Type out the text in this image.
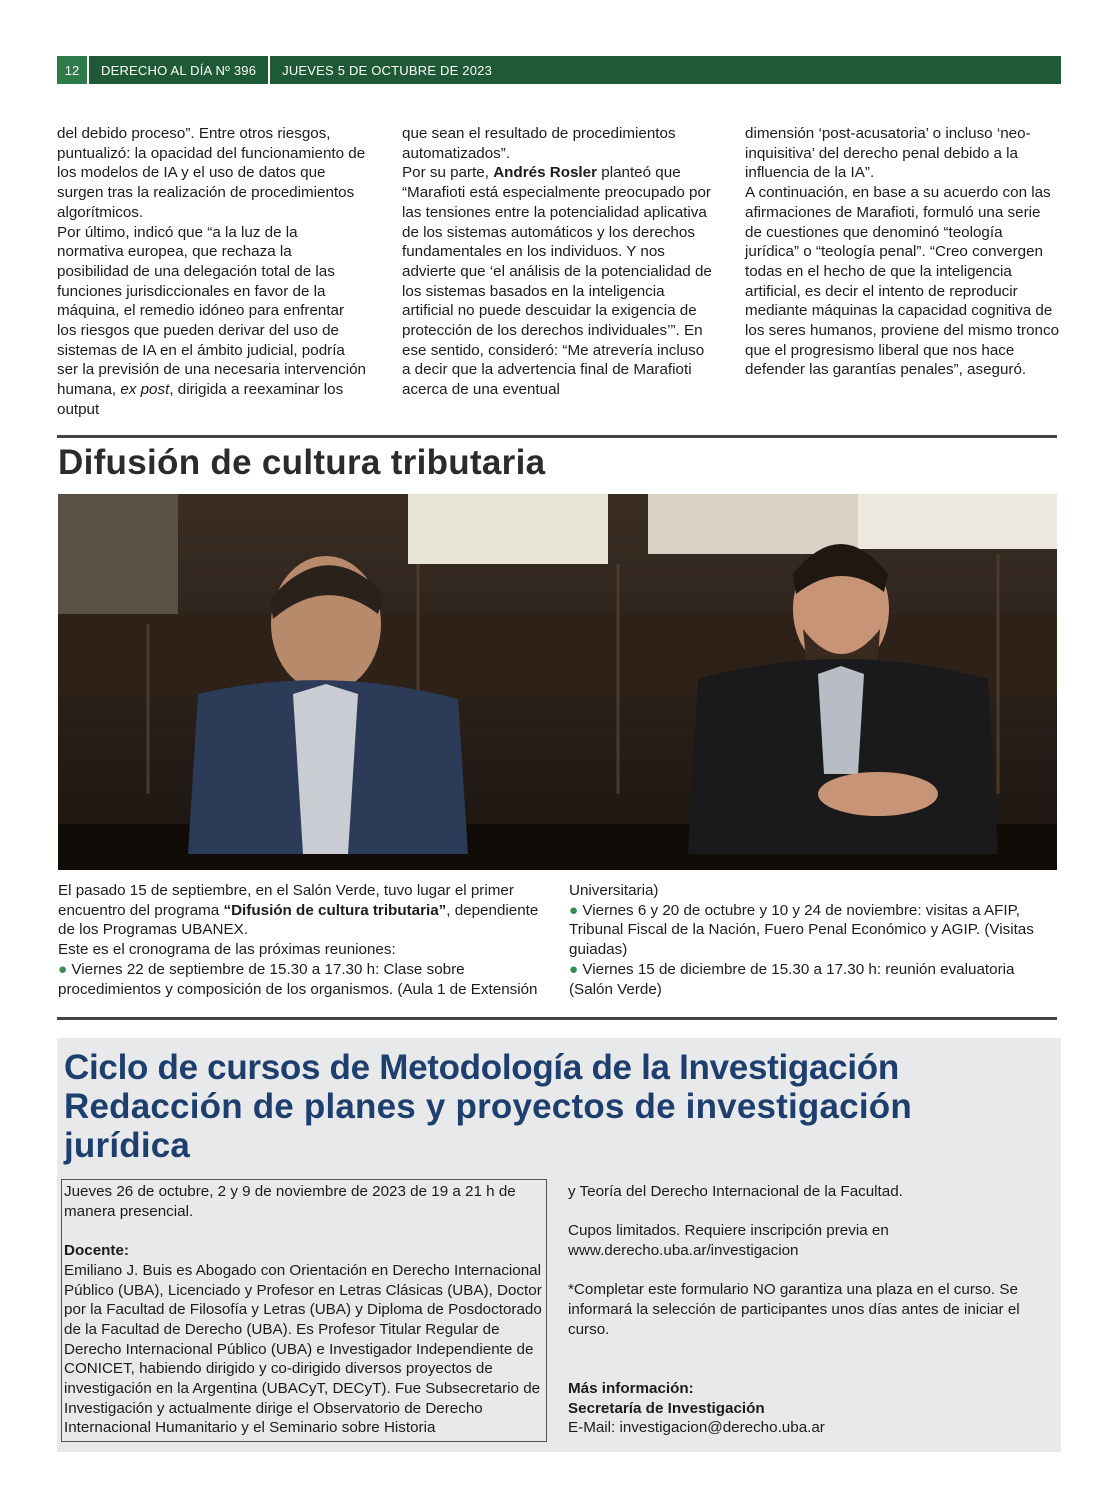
12	DERECHO AL DÍA Nº 396	JUEVES 5 DE OCTUBRE DE 2023

del debido proceso”. Entre otros riesgos, puntualizó: la opacidad del funcionamiento de los modelos de IA y el uso de datos que surgen tras la realización de procedimientos algorítmicos.

Por último, indicó que “a la luz de la normativa europea, que rechaza la posibilidad de una delegación total de las funciones jurisdiccionales en favor de la máquina, el remedio idóneo para enfrentar los riesgos que pueden derivar del uso de sistemas de IA en el ámbito judicial, podría ser la previsión de una necesaria intervención humana, ex post, dirigida a reexaminar los output

que sean el resultado de procedimientos automatizados”.

Por su parte, Andrés Rosler planteó que “Marafioti está especialmente preocupado por las tensiones entre la potencialidad aplicativa de los sistemas automáticos y los derechos fundamentales en los individuos. Y nos advierte que ‘el análisis de la potencialidad de los sistemas basados en la inteligencia artificial no puede descuidar la exigencia de protección de los derechos individuales’”. En ese sentido, consideró: “Me atrevería incluso a decir que la advertencia final de Marafioti acerca de una eventual

dimensión ‘post-acusatoria’ o incluso ‘neo-inquisitiva’ del derecho penal debido a la influencia de la IA”.

A continuación, en base a su acuerdo con las afirmaciones de Marafioti, formuló una serie de cuestiones que denominó “teología jurídica” o “teología penal”. “Creo convergen todas en el hecho de que la inteligencia artificial, es decir el intento de reproducir mediante máquinas la capacidad cognitiva de los seres humanos, proviene del mismo tronco que el progresismo liberal que nos hace defender las garantías penales”, aseguró.

Difusión de cultura tributaria

El pasado 15 de septiembre, en el Salón Verde, tuvo lugar el primer encuentro del programa “Difusión de cultura tributaria”, dependiente de los Programas UBANEX.

Este es el cronograma de las próximas reuniones:

● Viernes 22 de septiembre de 15.30 a 17.30 h: Clase sobre procedimientos y composición de los organismos. (Aula 1 de Extensión

Universitaria)

● Viernes 6 y 20 de octubre y 10 y 24 de noviembre: visitas a AFIP, Tribunal Fiscal de la Nación, Fuero Penal Económico y AGIP. (Visitas guiadas)

● Viernes 15 de diciembre de 15.30 a 17.30 h: reunión evaluatoria (Salón Verde)

Ciclo de cursos de Metodología de la Investigación
Redacción de planes y proyectos de investigación jurídica

Jueves 26 de octubre, 2 y 9 de noviembre de 2023 de 19 a 21 h de manera presencial.

Docente:

Emiliano J. Buis es Abogado con Orientación en Derecho Internacional Público (UBA), Licenciado y Profesor en Letras Clásicas (UBA), Doctor por la Facultad de Filosofía y Letras (UBA) y Diploma de Posdoctorado de la Facultad de Derecho (UBA). Es Profesor Titular Regular de Derecho Internacional Público (UBA) e Investigador Independiente de CONICET, habiendo dirigido y co-dirigido diversos proyectos de investigación en la Argentina (UBACyT, DECyT). Fue Subsecretario de Investigación y actualmente dirige el Observatorio de Derecho Internacional Humanitario y el Seminario sobre Historia

y Teoría del Derecho Internacional de la Facultad.

Cupos limitados. Requiere inscripción previa en www.derecho.uba.ar/investigacion

*Completar este formulario NO garantiza una plaza en el curso. Se informará la selección de participantes unos días antes de iniciar el curso.

Más información:

Secretaría de Investigación

E-Mail: investigacion@derecho.uba.ar
